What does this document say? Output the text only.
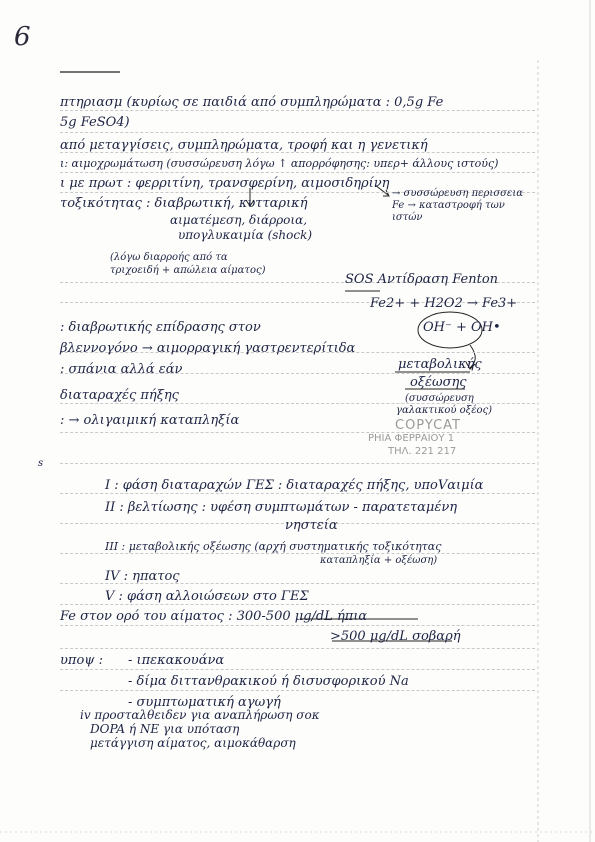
6
πτηριασμ (κυρίως σε παιδιά από συμπληρώματα : 0,5g Fe
5g FeSO4)
από μεταγγίσεις, συμπληρώματα, τροφή και η γενετική
ι: αιμοχρωμάτωση (συσσώρευση λόγω ↑ απορρόφησης: υπερ+ άλλους ιστούς)
ι με πρωτ : φερριτίνη, τρανσφερίνη, αιμοσιδηρίνη
τοξικότητας : διαβρωτική, κυτταρική
→ συσσώρευση περισσεια Fe → καταστροφή των ιστών
αιματέμεση, διάρροια,
υπογλυκαιμία (shock)
(λόγω διαρροής από τα
τριχοειδή + απώλεια αίματος)
SOS Αντίδραση Fenton
Fe2+ + H2O2 → Fe3+
OH⁻ + OH•
: διαβρωτικής επίδρασης στον
βλεννογόνο → αιμορραγική γαστρεντερίτιδα
: σπάνια αλλά εάν
διαταραχές πήξης
: → ολιγαιμική καταπληξία
μεταβολικής
οξέωσης
(συσσώρευση
γαλακτικού οξέος)
COPYCAT
ΡΗΙΑ ΦΕΡΡΑΙΟΥ 1
ΤΗΛ. 221 217
s
I : φάση διαταραχών ΓΕΣ : διαταραχές πήξης, υποVαιμία
II : βελτίωσης : υφέση συμπτωμάτων - παρατεταμένη
νηστεία
III : μεταβολικής οξέωσης (αρχή συστηματικής τοξικότητας
καταπληξία + οξέωση)
IV : ηπατος
V : φάση αλλοιώσεων στο ΓΕΣ
Fe στον ορό του αίματος : 300-500 μg/dL ήπια
>500 μg/dL σοβαρή
υποψ : - ιπεκακουάνα
- δίμα διττανθρακικού ή δισυσφορικού Na
- συμπτωματική αγωγή
iv προσταλθειδεν για αναπλήρωση σοκ
DOPA ή NE για υπόταση
μετάγγιση αίματος, αιμοκάθαρση
